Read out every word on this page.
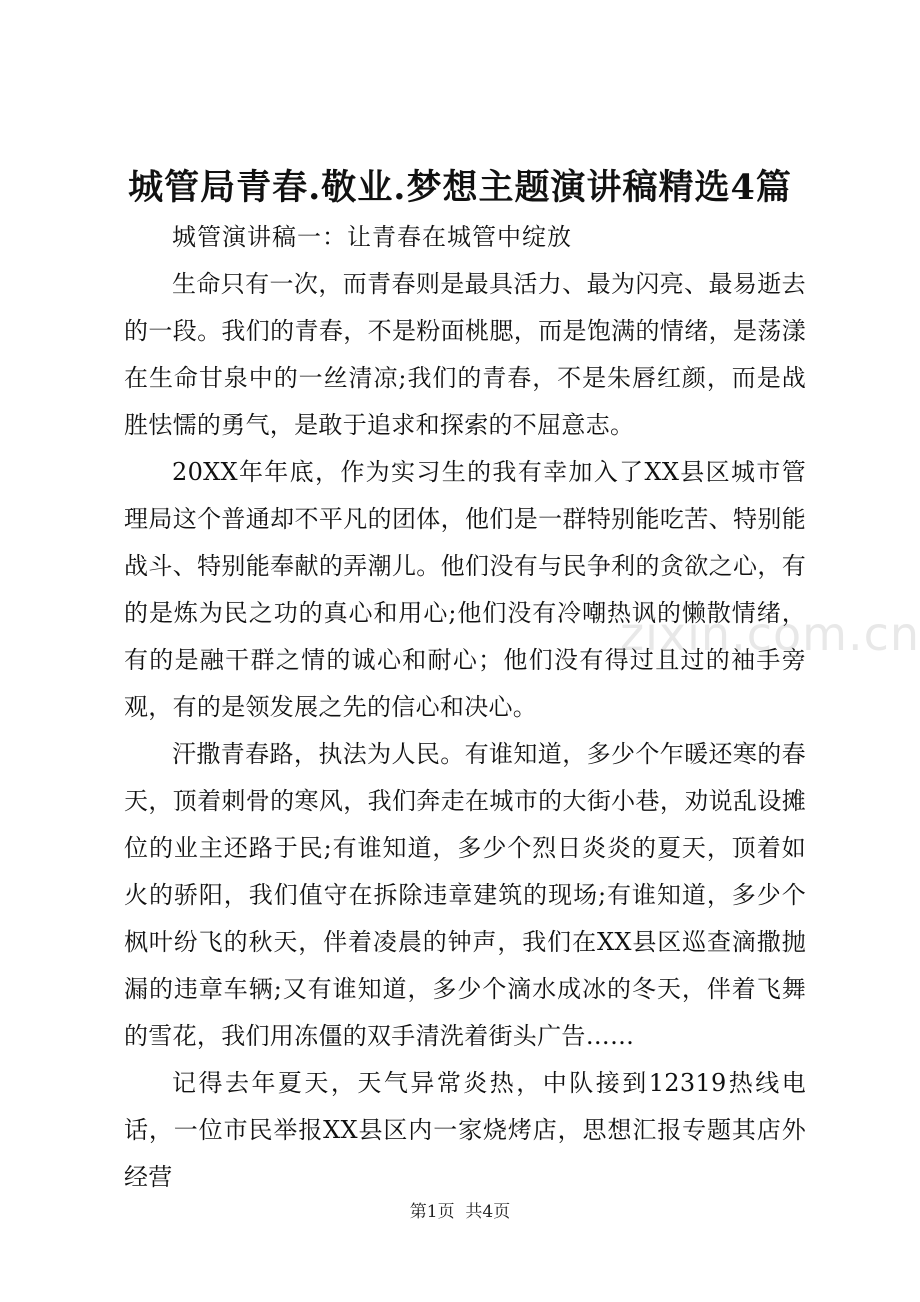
城管局青春.敬业.梦想主题演讲稿精选4篇

城管演讲稿一：让青春在城管中绽放

生命只有一次，而青春则是最具活力、最为闪亮、最易逝去的一段。我们的青春，不是粉面桃腮，而是饱满的情绪，是荡漾在生命甘泉中的一丝清凉;我们的青春，不是朱唇红颜，而是战胜怯懦的勇气，是敢于追求和探索的不屈意志。

20XX年年底，作为实习生的我有幸加入了XX县区城市管理局这个普通却不平凡的团体，他们是一群特别能吃苦、特别能战斗、特别能奉献的弄潮儿。他们没有与民争利的贪欲之心，有的是炼为民之功的真心和用心;他们没有冷嘲热讽的懒散情绪，有的是融干群之情的诚心和耐心；他们没有得过且过的袖手旁观，有的是领发展之先的信心和决心。

汗撒青春路，执法为人民。有谁知道，多少个乍暖还寒的春天，顶着刺骨的寒风，我们奔走在城市的大街小巷，劝说乱设摊位的业主还路于民;有谁知道，多少个烈日炎炎的夏天，顶着如火的骄阳，我们值守在拆除违章建筑的现场;有谁知道，多少个枫叶纷飞的秋天，伴着凌晨的钟声，我们在XX县区巡查滴撒抛漏的违章车辆;又有谁知道，多少个滴水成冰的冬天，伴着飞舞的雪花，我们用冻僵的双手清洗着街头广告……

记得去年夏天，天气异常炎热，中队接到12319热线电话，一位市民举报XX县区内一家烧烤店，思想汇报专题其店外经营

zixin.com.cn
第1页 共4页
